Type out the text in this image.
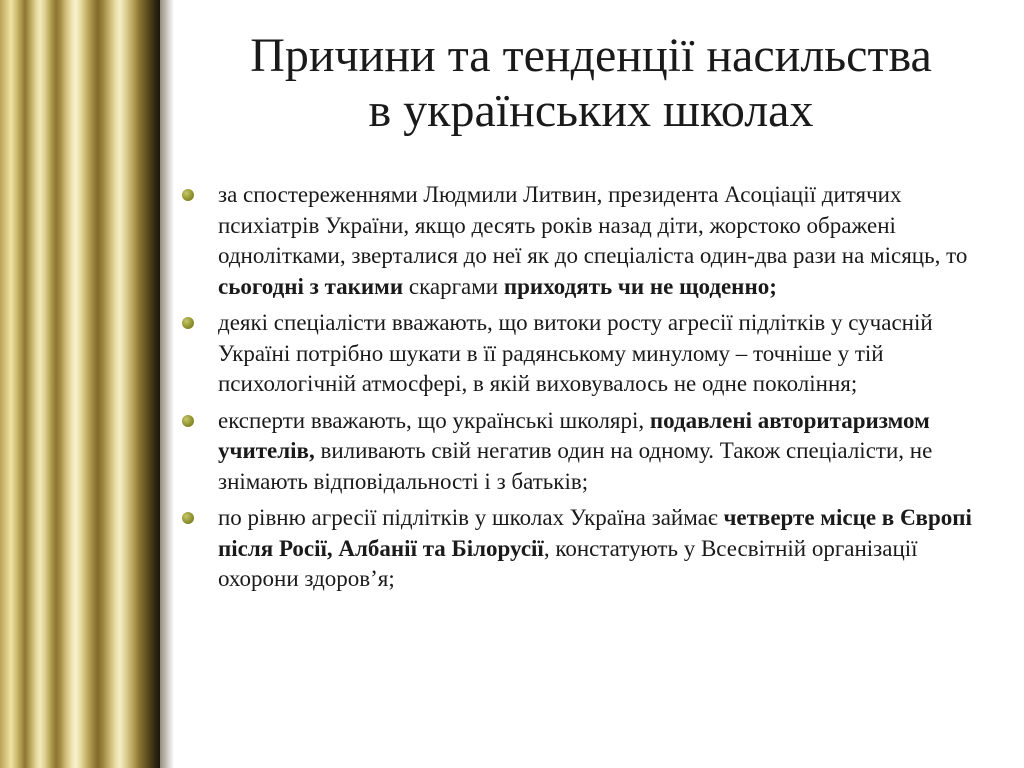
Причини та тенденції насильства
в українських школах
за спостереженнями Людмили Литвин, президента Асоціації дитячих психіатрів України, якщо десять років назад діти, жорстоко ображені однолітками, зверталися до неї як до спеціаліста один-два рази на місяць, то сьогодні з такими скаргами приходять чи не щоденно;
деякі спеціалісти вважають, що витоки росту агресії підлітків у сучасній Україні потрібно шукати в її радянському минулому – точніше у тій психологічній атмосфері, в якій виховувалось не одне покоління;
експерти вважають, що українські школярі, подавлені авторитаризмом учителів, виливають свій негатив один на одному. Також спеціалісти, не знімають відповідальності і з батьків;
по рівню агресії підлітків у школах Україна займає четверте місце в Європі після Росії, Албанії та Білорусії, констатують у Всесвітній організації охорони здоров’я;
